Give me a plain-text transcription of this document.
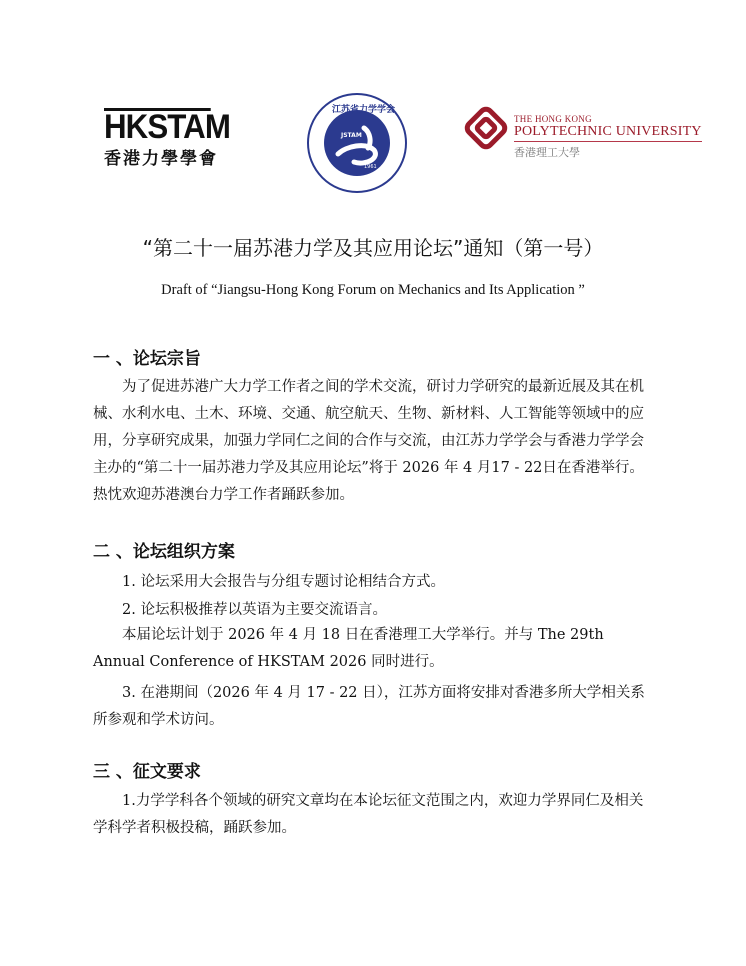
HKSTAM
香港力學學會
JSTAM
1961
江苏省力学学会
THE HONG KONG
POLYTECHNIC UNIVERSITY
香港理工大學
“第二十一届苏港力学及其应用论坛”通知（第一号）
Draft of “Jiangsu-Hong Kong Forum on Mechanics and Its Application ”
一 、论坛宗旨

为了促进苏港广大力学工作者之间的学术交流，研讨力学研究的最新近展及其在机械、水利水电、土木、环境、交通、航空航天、生物、新材料、人工智能等领域中的应用，分享研究成果，加强力学同仁之间的合作与交流，由江苏力学学会与香港力学学会主办的“第二十一届苏港力学及其应用论坛”将于 2026 年 4 月17 - 22日在香港举行。热忱欢迎苏港澳台力学工作者踊跃参加。

二 、论坛组织方案
1. 论坛采用大会报告与分组专题讨论相结合方式。
2. 论坛积极推荐以英语为主要交流语言。

本届论坛计划于 2026 年 4 月 18 日在香港理工大学举行。并与 The 29th Annual Conference of HKSTAM 2026 同时进行。

3. 在港期间（2026 年 4 月 17 - 22 日），江苏方面将安排对香港多所大学相关系所参观和学术访问。

三 、征文要求

1.力学学科各个领域的研究文章均在本论坛征文范围之内，欢迎力学界同仁及相关学科学者积极投稿，踊跃参加。
